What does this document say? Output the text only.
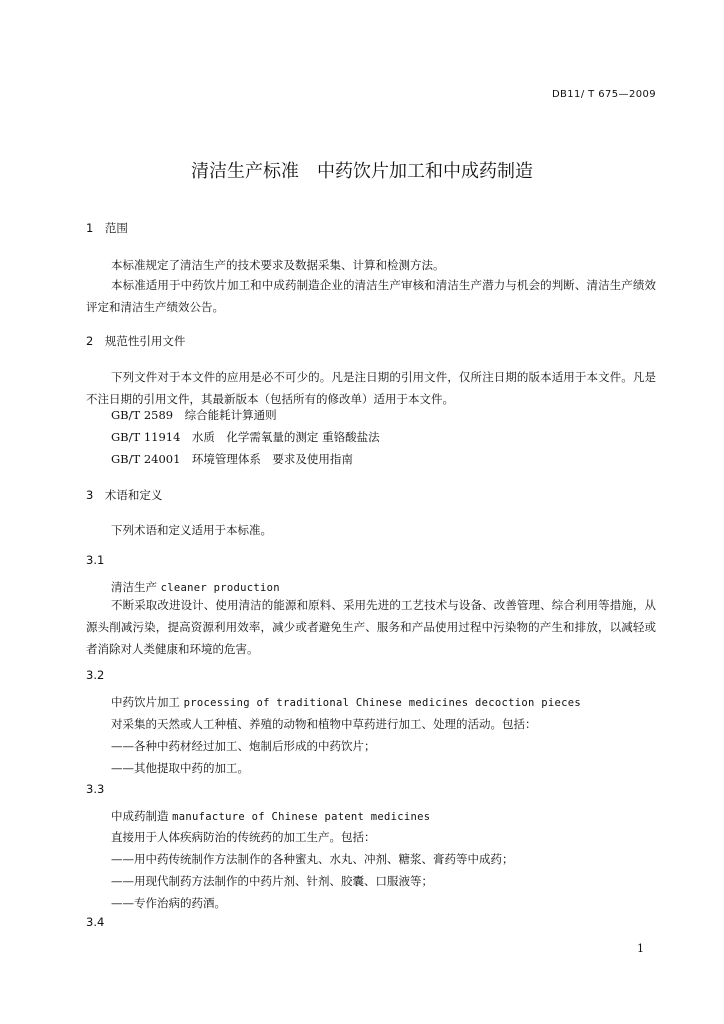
DB11/ T 675—2009
清洁生产标准　中药饮片加工和中成药制造
1　范围
本标准规定了清洁生产的技术要求及数据采集、计算和检测方法。
本标准适用于中药饮片加工和中成药制造企业的清洁生产审核和清洁生产潜力与机会的判断、清洁生产绩效评定和清洁生产绩效公告。
2　规范性引用文件
下列文件对于本文件的应用是必不可少的。凡是注日期的引用文件，仅所注日期的版本适用于本文件。凡是不注日期的引用文件，其最新版本（包括所有的修改单）适用于本文件。
GB/T 2589　综合能耗计算通则
GB/T 11914　水质　化学需氧量的测定 重铬酸盐法
GB/T 24001　环境管理体系　要求及使用指南
3　术语和定义
下列术语和定义适用于本标准。
3.1
清洁生产 cleaner production
不断采取改进设计、使用清洁的能源和原料、采用先进的工艺技术与设备、改善管理、综合利用等措施，从源头削减污染，提高资源利用效率，减少或者避免生产、服务和产品使用过程中污染物的产生和排放，以减轻或者消除对人类健康和环境的危害。
3.2
中药饮片加工 processing of traditional Chinese medicines decoction pieces
对采集的天然或人工种植、养殖的动物和植物中草药进行加工、处理的活动。包括：
——各种中药材经过加工、炮制后形成的中药饮片；
——其他提取中药的加工。
3.3
中成药制造 manufacture of Chinese patent medicines
直接用于人体疾病防治的传统药的加工生产。包括：
——用中药传统制作方法制作的各种蜜丸、水丸、冲剂、糖浆、膏药等中成药；
——用现代制药方法制作的中药片剂、针剂、胶囊、口服液等；
——专作治病的药酒。
3.4
1
